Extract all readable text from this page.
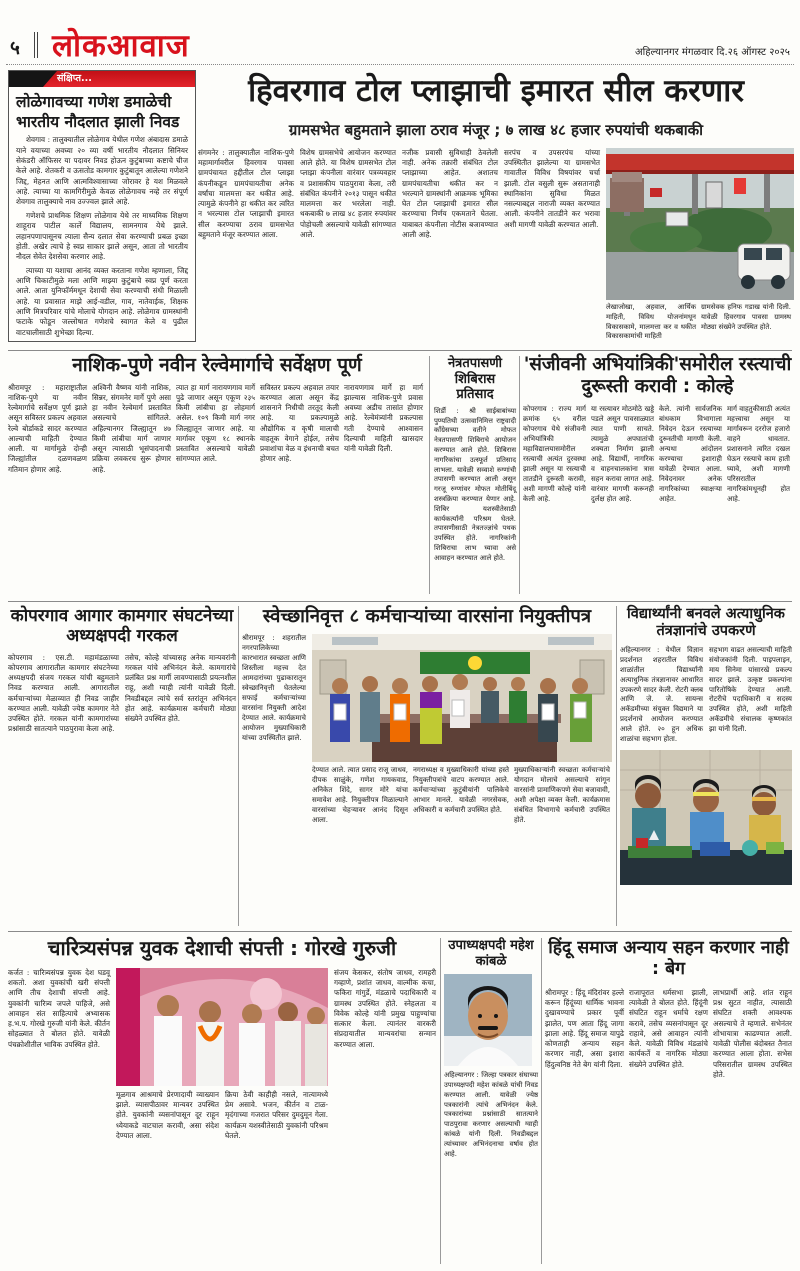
५ लोकआवाज	अहिल्यानगर मंगळवार दि.२६ ऑगस्ट २०२५
संक्षिप्त...
लोळेगावच्या गणेश डमाळेची भारतीय नौदलात झाली निवड

शेवगाव : तालुक्यातील लोळेगाव येथील गणेश अंबादास डमाळे याने वयाच्या अवघ्या २० व्या वर्षी भारतीय नौदलात सिनियर सेकंडरी ऑफिसर या पदावर निवड होऊन कुटुंबाच्या कष्टाचे चीज केले आहे. शेतकरी व ऊसतोड कामगार कुटुंबातून आलेल्या गणेशने जिद्द, मेहनत आणि आत्मविश्वासाच्या जोरावर हे यश मिळवले आहे. त्याच्या या कामगिरीमुळे केवळ लोळेगावच नव्हे तर संपूर्ण शेवगाव तालुक्याचे नाव उज्ज्वल झाले आहे.

गणेशचे प्राथमिक शिक्षण लोळेगाव येथे तर माध्यमिक शिक्षण शाहूराव पाटील कार्ले विद्यालय, सामनगाव येथे झाले. लहानपणापासूनच त्याला सैन्य दलात सेवा करण्याची प्रबळ इच्छा होती. अखेर त्याचे हे स्वप्न साकार झाले असून, आता तो भारतीय नौदल सेवेत देशसेवा करणार आहे.

त्याच्या या यशाचा आनंद व्यक्त करताना गणेश म्हणाला, जिद्द आणि चिकाटीमुळे मला आणि माझ्या कुटुंबाचे स्वप्न पूर्ण करता आले. आता युनिफॉर्ममधून देशाची सेवा करण्याची संधी मिळाली आहे. या प्रवासात माझे आई-वडील, गाव, नातेवाईक, शिक्षक आणि मित्रपरिवार यांचे मोलाचे योगदान आहे. लोळेगाव ग्रामस्थांनी फटाके फोडून जल्लोषात गणेशचे स्वागत केले व पुढील वाटचालीसाठी शुभेच्छा दिल्या.

हिवरगाव टोल प्लाझाची इमारत सील करणार
ग्रामसभेत बहुमताने झाला ठराव मंजूर ; ७ लाख ४८ हजार रुपयांची थकबाकी
संगमनेर : तालुक्यातील नाशिक-पुणे महामार्गावरील हिवरगाव पावसा ग्रामपंचायत हद्दीतील टोल प्लाझा कंपनीकडून ग्रामपंचायतीचा अनेक वर्षांचा मालमत्ता कर थकीत आहे. त्यामुळे कंपनीने हा थकीत कर त्वरित न भरल्यास टोल प्लाझाची इमारत सील करण्याचा ठराव ग्रामसभेत बहुमताने मंजूर करण्यात आला.
विशेष ग्रामसभेचे आयोजन करण्यात आले होते. या विशेष ग्रामसभेत टोल प्लाझा कंपनीला वारंवार पत्रव्यवहार व प्रशासकीय पाठपुरावा केला, तरी संबंधित कंपनीने २०१३ पासून थकीत मालमत्ता कर भरलेला नाही. थकबाकी ७ लाख ४८ हजार रुपयांवर पोहोचली असल्याचे यावेळी सांगण्यात आले.
नजीक प्रवासी सुविधाही ठेवलेली नाही. अनेक तक्रारी संबंधित टोल प्लाझाच्या आहेत. अशातच ग्रामपंचायतीचा थकीत कर न भरल्याने ग्रामस्थांनी आक्रमक भूमिका घेत टोल प्लाझाची इमारत सील करण्याचा निर्णय एकमताने घेतला. याबाबत कंपनीला नोटीस बजावण्यात आली आहे.
सरपंच व उपसरपंच यांच्या उपस्थितीत झालेल्या या ग्रामसभेत गावातील विविध विषयांवर चर्चा झाली. टोल वसुली सुरू असतानाही स्थानिकांना सुविधा मिळत नसल्याबद्दल नाराजी व्यक्त करण्यात आली. कंपनीने तातडीने कर भरावा अशी मागणी यावेळी करण्यात आली.
लेखाजोखा, अहवाल, आर्थिक माहिती, विविध योजनांमधून विकासकामे, मालमत्ता कर व थकीत विकासकामांची माहिती
ग्रामसेवक हनिफ गडाख यांनी दिली. यावेळी हिवरगाव पावसा ग्रामस्थ मोठ्या संख्येने उपस्थित होते.
नाशिक-पुणे नवीन रेल्वेमार्गाचे सर्वेक्षण पूर्ण
श्रीरामपूर : महाराष्ट्रातील नाशिक-पुणे या नवीन रेल्वेमार्गाचे सर्वेक्षण पूर्ण झाले असून सविस्तर प्रकल्प अहवाल रेल्वे बोर्डाकडे सादर करण्यात आल्याची माहिती देण्यात आली. या मार्गामुळे दोन्ही जिल्ह्यांतील दळणवळण गतिमान होणार आहे.
अश्विनी वैष्णव यांनी नाशिक, सिन्नर, संगमनेर मार्गे पुणे असा हा नवीन रेल्वेमार्ग प्रस्तावित असल्याचे सांगितले. अहिल्यानगर जिल्ह्यातून ४७ किमी लांबीचा मार्ग जाणार असून त्यासाठी भूसंपादनाची प्रक्रिया लवकरच सुरू होणार आहे.
त्यात हा मार्ग नारायणगाव मार्गे पुढे जाणार असून एकूण २३५ किमी लांबीचा हा लोहमार्ग असेल. १०९ किमी मार्ग नगर जिल्ह्यातून जाणार आहे. या मार्गावर एकूण १८ स्थानके प्रस्तावित असल्याचे यावेळी सांगण्यात आले.
सविस्तर प्रकल्प अहवाल तयार करण्यात आला असून केंद्र शासनाने निधीची तरतूद केली आहे. या प्रकल्पामुळे औद्योगिक व कृषी मालाची वाहतूक वेगाने होईल, तसेच प्रवाशांचा वेळ व इंधनाची बचत होणार आहे.
नारायणगाव मार्गे हा मार्ग झाल्यास नाशिक-पुणे प्रवास अवघ्या अडीच तासांत होणार आहे. रेल्वेमंत्र्यांनी प्रकल्पास गती देण्याचे आश्वासन दिल्याची माहिती खासदार यांनी यावेळी दिली.
नेत्रतपासणी शिबिरास प्रतिसाद
शिर्डी : श्री साईबाबांच्या पुण्यतिथी उत्सवानिमित्त राष्ट्रवादी काँग्रेसच्या वतीने मोफत नेत्रतपासणी शिबिराचे आयोजन करण्यात आले होते. शिबिरास नागरिकांचा उत्स्फूर्त प्रतिसाद लाभला. यावेळी सव्वाशे रुग्णांची तपासणी करण्यात आली असून गरजू रुग्णांवर मोफत मोतीबिंदू शस्त्रक्रिया करण्यात येणार आहे. शिबिर यशस्वीतेसाठी कार्यकर्त्यांनी परिश्रम घेतले. तपासणीसाठी नेत्रतज्ज्ञांचे पथक उपस्थित होते. नागरिकांनी शिबिराचा लाभ घ्यावा असे आवाहन करण्यात आले होते.
'संजीवनी अभियांत्रिकी'समोरील रस्त्याची दुरूस्ती करावी : कोल्हे
कोपरगाव : राज्य मार्ग क्रमांक ६५ वरील कोपरगाव येथे संजीवनी अभियांत्रिकी महाविद्यालयासमोरील रस्त्याची अत्यंत दुरवस्था झाली असून या रस्त्याची तातडीने दुरूस्ती करावी, अशी मागणी कोल्हे यांनी केली आहे.
या रस्त्यावर मोठमोठे खड्डे पडले असून पावसाळ्यात त्यात पाणी साचते. त्यामुळे अपघातांची शक्यता निर्माण झाली आहे. विद्यार्थी, नागरिक व वाहनचालकांना त्रास सहन करावा लागत आहे. वारंवार मागणी करूनही दुर्लक्ष होत आहे.
केले. त्यांनी सार्वजनिक बांधकाम विभागाला निवेदन देऊन रस्त्याच्या दुरूस्तीची मागणी केली. अन्यथा आंदोलन करण्याचा इशाराही यावेळी देण्यात आला. निवेदनावर अनेक नागरिकांच्या स्वाक्षऱ्या आहेत.
मार्ग वाहतुकीसाठी अत्यंत महत्त्वाचा असून या मार्गावरून दररोज हजारो वाहने धावतात. प्रशासनाने त्वरित दखल घेऊन रस्त्याचे काम हाती घ्यावे, अशी मागणी परिसरातील नागरिकांमधूनही होत आहे.
कोपरगाव आगार कामगार संघटनेच्या अध्यक्षपदी गरकल
कोपरगाव : एस.टी. महामंडळाच्या कोपरगाव आगारातील कामगार संघटनेच्या अध्यक्षपदी संजय गरकल यांची बहुमताने निवड करण्यात आली. आगारातील कर्मचाऱ्यांच्या मेळाव्यात ही निवड जाहीर करण्यात आली. यावेळी ज्येष्ठ कामगार नेते उपस्थित होते. गरकल यांनी कामगारांच्या प्रश्नांसाठी सातत्याने पाठपुरावा केला आहे.
तसेच, कोल्हे यांच्यासह अनेक मान्यवरांनी गरकल यांचे अभिनंदन केले. कामगारांचे प्रलंबित प्रश्न मार्गी लावण्यासाठी प्रयत्नशील राहू, अशी ग्वाही त्यांनी यावेळी दिली. निवडीबद्दल त्यांचे सर्व स्तरांतून अभिनंदन होत आहे. कार्यक्रमास कर्मचारी मोठ्या संख्येने उपस्थित होते.
स्वेच्छानिवृत्त ८ कर्मचाऱ्यांच्या वारसांना नियुक्तीपत्र
श्रीरामपूर : शहरातील नगरपालिकेच्या कारभारात स्वच्छता आणि शिस्तीला महत्त्व देत आमदारांच्या पुढाकारातून स्वेच्छानिवृत्ती घेतलेल्या सफाई कर्मचाऱ्यांच्या वारसांना नियुक्ती आदेश देण्यात आले. कार्यक्रमाचे आयोजन मुख्याधिकारी यांच्या उपस्थितीत झाले.
देण्यात आले. त्यात प्रसाद राजू जाधव, दीपक साळुंके, गणेश गायकवाड, अनिकेत शिंदे, सागर मोरे यांचा समावेश आहे. नियुक्तीपत्र मिळाल्याने वारसांच्या चेहऱ्यावर आनंद दिसून आला.
नगराध्यक्ष व मुख्याधिकारी यांच्या हस्ते नियुक्तीपत्रांचे वाटप करण्यात आले. कर्मचाऱ्यांच्या कुटुंबीयांनी पालिकेचे आभार मानले. यावेळी नगरसेवक, अधिकारी व कर्मचारी उपस्थित होते.
मुख्याधिकाऱ्यांनी स्वच्छता कर्मचाऱ्यांचे योगदान मोलाचे असल्याचे सांगून वारसांनी प्रामाणिकपणे सेवा बजावावी, अशी अपेक्षा व्यक्त केली. कार्यक्रमास संबंधित विभागाचे कर्मचारी उपस्थित होते.
विद्यार्थ्यांनी बनवले अत्याधुनिक तंत्रज्ञानांचे उपकरणे
अहिल्यानगर : येथील विज्ञान प्रदर्शनात शहरातील विविध शाळांतील विद्यार्थ्यांनी अत्याधुनिक तंत्रज्ञानावर आधारित उपकरणे सादर केली. रोटरी क्लब आणि जे. जे. सायन्स अकॅडमीच्या संयुक्त विद्यमाने या प्रदर्शनाचे आयोजन करण्यात आले होते. २० हून अधिक शाळांचा सहभाग होता.
सहभाग वाढत असल्याची माहिती संयोजकांनी दिली. पाइपलाइन, माय सिनेमा यांसारखे प्रकल्प सादर झाले. उत्कृष्ट प्रकल्पांना पारितोषिके देण्यात आली. रोटरीचे पदाधिकारी व सदस्य उपस्थित होते, अशी माहिती अकॅडमीचे संचालक कृष्णकांत झा यांनी दिली.
चारित्र्यसंपन्न युवक देशाची संपत्ती : गोरखे गुरुजी
कर्जत : चारित्र्यसंपन्न युवक देश घडवू शकतो. अशा युवकांची खरी संपत्ती आणि तीच देशाची संपत्ती आहे. युवकांनी चारित्र्य जपले पाहिजे, असे आवाहन संत साहित्याचे अभ्यासक ह.भ.प. गोरखे गुरुजी यांनी केले. कीर्तन सोहळ्यात ते बोलत होते. यावेळी पंचक्रोशीतील भाविक उपस्थित होते.
मूळगाव आश्रमाचे प्रेरणादायी व्याख्यान झाले. व्यासपीठावर मान्यवर उपस्थित होते. युवकांनी व्यसनांपासून दूर राहून ध्येयाकडे वाटचाल करावी, असा संदेश देण्यात आला.
क्रिया ठेवी काहीही नसले, नात्यामध्ये प्रेम असावे. भजन, कीर्तन व टाळ-मृदंगाच्या गजरात परिसर दुमदुमून गेला. कार्यक्रम यशस्वीतेसाठी युवकांनी परिश्रम घेतले.
संजय केसकर, संतोष जाधव, रामहरी गव्हाणे, प्रशांत जाधव, वाल्मीक कचा, फकिरा गांगुर्डे, मंडळाचे पदाधिकारी व ग्रामस्थ उपस्थित होते. स्नेहलता व विवेक कोल्हे यांनी प्रमुख पाहुण्यांचा सत्कार केला. त्यानंतर वारकरी संप्रदायातील मान्यवरांचा सन्मान करण्यात आला.
उपाध्यक्षपदी महेश कांबळे
अहिल्यानगर : जिल्हा पत्रकार संघाच्या उपाध्यक्षपदी महेश कांबळे यांची निवड करण्यात आली. यावेळी ज्येष्ठ पत्रकारांनी त्यांचे अभिनंदन केले. पत्रकारांच्या प्रश्नांसाठी सातत्याने पाठपुरावा करणार असल्याची ग्वाही कांबळे यांनी दिली. निवडीबद्दल त्यांच्यावर अभिनंदनाचा वर्षाव होत आहे.
हिंदू समाज अन्याय सहन करणार नाही : बेग
श्रीरामपूर : हिंदू मंदिरांवर हल्ले करून हिंदूंच्या धार्मिक भावना दुखावण्याचे प्रकार पूर्वी झालेत, पण आता हिंदू जागा झाला आहे. हिंदू समाज यापुढे कोणताही अन्याय सहन करणार नाही, असा इशारा हिंदुत्वनिष्ठ नेते बेग यांनी दिला.
राजापूरात धर्मसभा झाली, त्यावेळी ते बोलत होते. हिंदूंनी संघटित राहून धर्माचे रक्षण करावे, तसेच व्यसनांपासून दूर राहावे, असे आवाहन त्यांनी केले. यावेळी विविध मंडळांचे कार्यकर्ते व नागरिक मोठ्या संख्येने उपस्थित होते.
लाभप्रार्थी आहे. शांत राहून प्रश्न सुटत नाहीत, त्यासाठी संघटित शक्ती आवश्यक असल्याचे ते म्हणाले. सभेनंतर शोभायात्रा काढण्यात आली. यावेळी पोलीस बंदोबस्त तैनात करण्यात आला होता. सभेस परिसरातील ग्रामस्थ उपस्थित होते.
